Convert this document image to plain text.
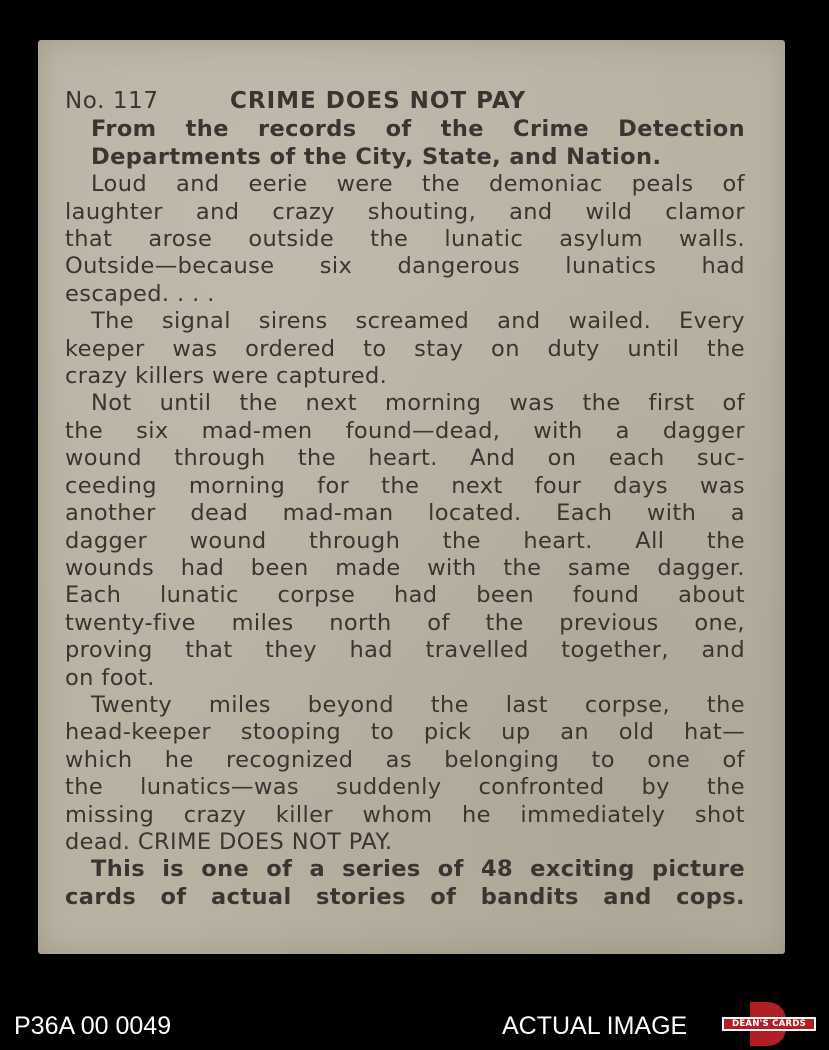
No. 117	CRIME DOES NOT PAY
From the records of the Crime Detection
Departments of the City, State, and Nation.
Loud and eerie were the demoniac peals of
laughter and crazy shouting, and wild clamor
that arose outside the lunatic asylum walls.
Outside—because six dangerous lunatics had
escaped. . . .
The signal sirens screamed and wailed. Every
keeper was ordered to stay on duty until the
crazy killers were captured.
Not until the next morning was the first of
the six mad-men found—dead, with a dagger
wound through the heart. And on each suc-
ceeding morning for the next four days was
another dead mad-man located. Each with a
dagger wound through the heart. All the
wounds had been made with the same dagger.
Each lunatic corpse had been found about
twenty-five miles north of the previous one,
proving that they had travelled together, and
on foot.
Twenty miles beyond the last corpse, the
head-keeper stooping to pick up an old hat—
which he recognized as belonging to one of
the lunatics—was suddenly confronted by the
missing crazy killer whom he immediately shot
dead. CRIME DOES NOT PAY.
This is one of a series of 48 exciting picture
cards of actual stories of bandits and cops.
P36A 00 0049	ACTUAL IMAGE	DEAN'S CARDS
